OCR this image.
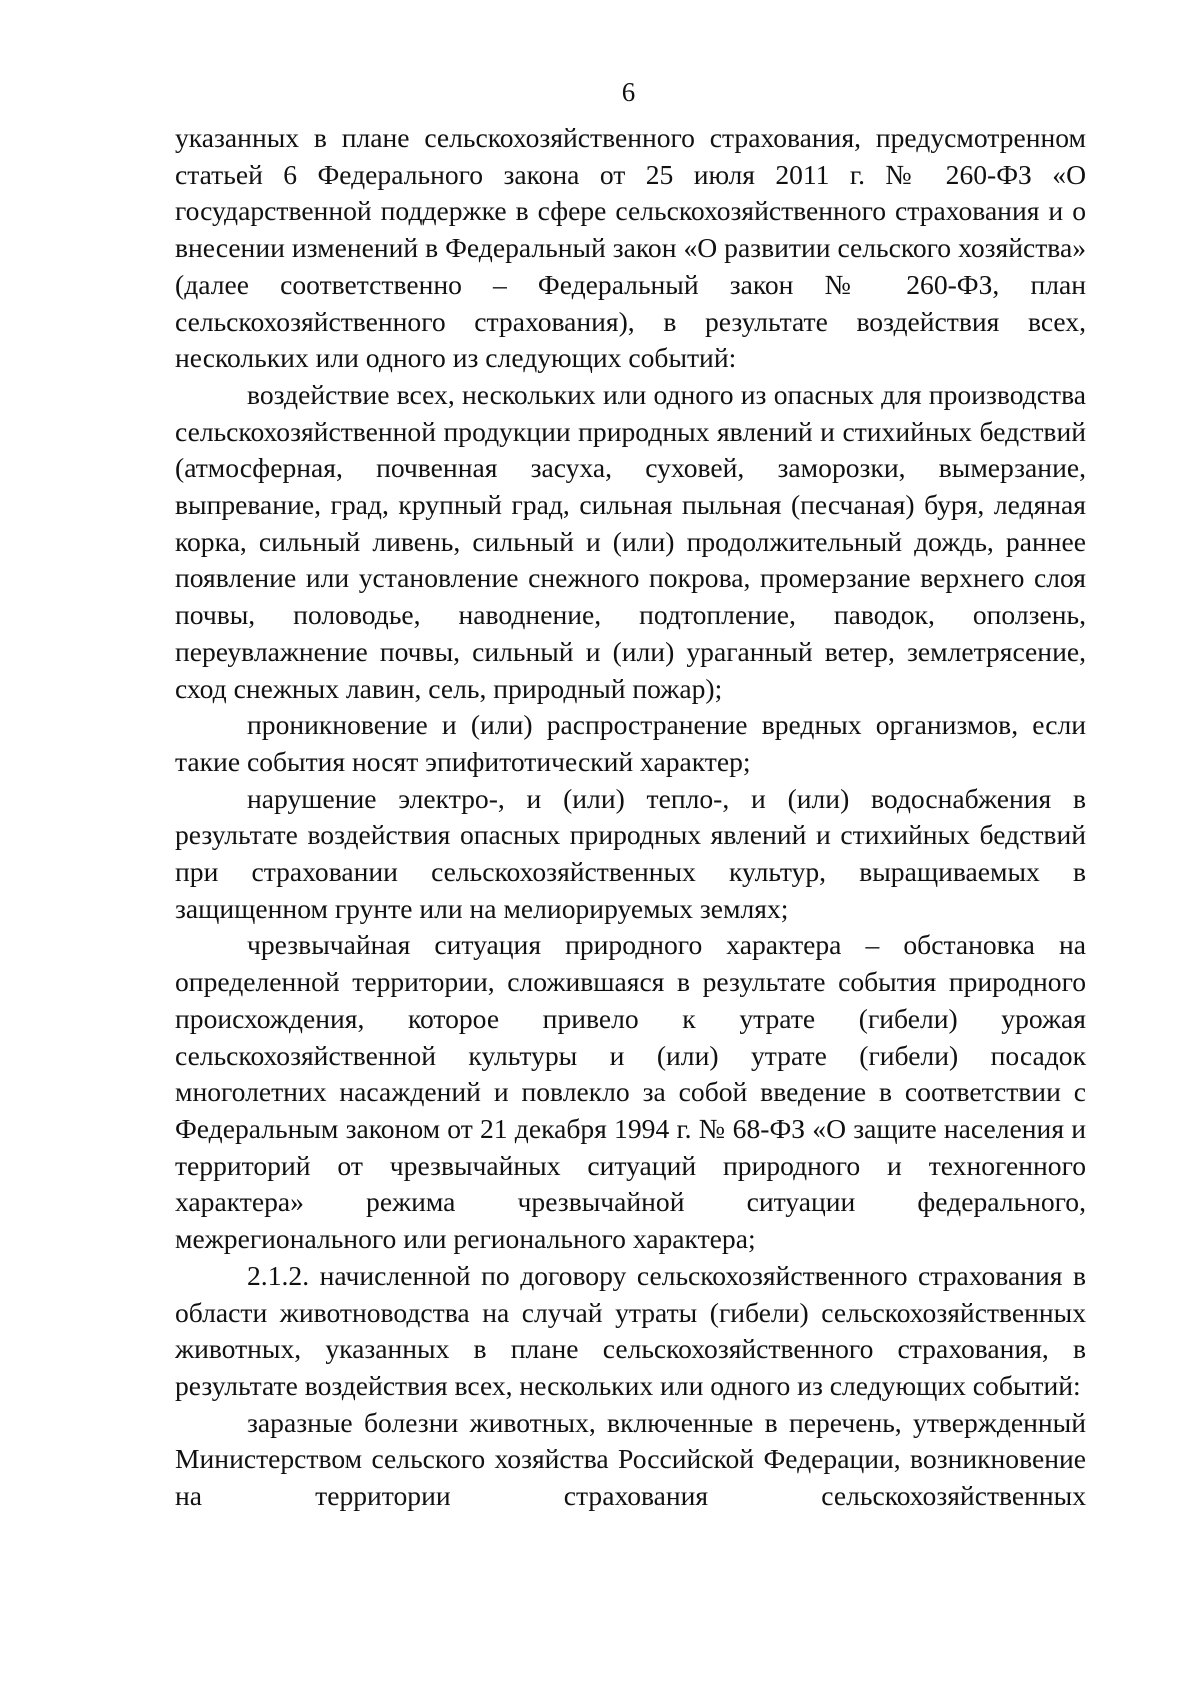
6

указанных в плане сельскохозяйственного страхования, предусмотренном статьей 6 Федерального закона от 25 июля 2011 г. № 260-ФЗ «О государственной поддержке в сфере сельскохозяйственного страхования и о внесении изменений в Федеральный закон «О развитии сельского хозяйства» (далее соответственно – Федеральный закон № 260-ФЗ, план сельскохозяйственного страхования), в результате воздействия всех, нескольких или одного из следующих событий:

воздействие всех, нескольких или одного из опасных для производства сельскохозяйственной продукции природных явлений и стихийных бедствий (атмосферная, почвенная засуха, суховей, заморозки, вымерзание, выпревание, град, крупный град, сильная пыльная (песчаная) буря, ледяная корка, сильный ливень, сильный и (или) продолжительный дождь, раннее появление или установление снежного покрова, промерзание верхнего слоя почвы, половодье, наводнение, подтопление, паводок, оползень, переувлажнение почвы, сильный и (или) ураганный ветер, землетрясение, сход снежных лавин, сель, природный пожар);

проникновение и (или) распространение вредных организмов, если такие события носят эпифитотический характер;

нарушение электро-, и (или) тепло-, и (или) водоснабжения в результате воздействия опасных природных явлений и стихийных бедствий при страховании сельскохозяйственных культур, выращиваемых в защищенном грунте или на мелиорируемых землях;

чрезвычайная ситуация природного характера – обстановка на определенной территории, сложившаяся в результате события природного происхождения, которое привело к утрате (гибели) урожая сельскохозяйственной культуры и (или) утрате (гибели) посадок многолетних насаждений и повлекло за собой введение в соответствии с Федеральным законом от 21 декабря 1994 г. № 68-ФЗ «О защите населения и территорий от чрезвычайных ситуаций природного и техногенного характера» режима чрезвычайной ситуации федерального, межрегионального или регионального характера;

2.1.2. начисленной по договору сельскохозяйственного страхования в области животноводства на случай утраты (гибели) сельскохозяйственных животных, указанных в плане сельскохозяйственного страхования, в результате воздействия всех, нескольких или одного из следующих событий:

заразные болезни животных, включенные в перечень, утвержденный Министерством сельского хозяйства Российской Федерации, возникновение на территории страхования сельскохозяйственных
